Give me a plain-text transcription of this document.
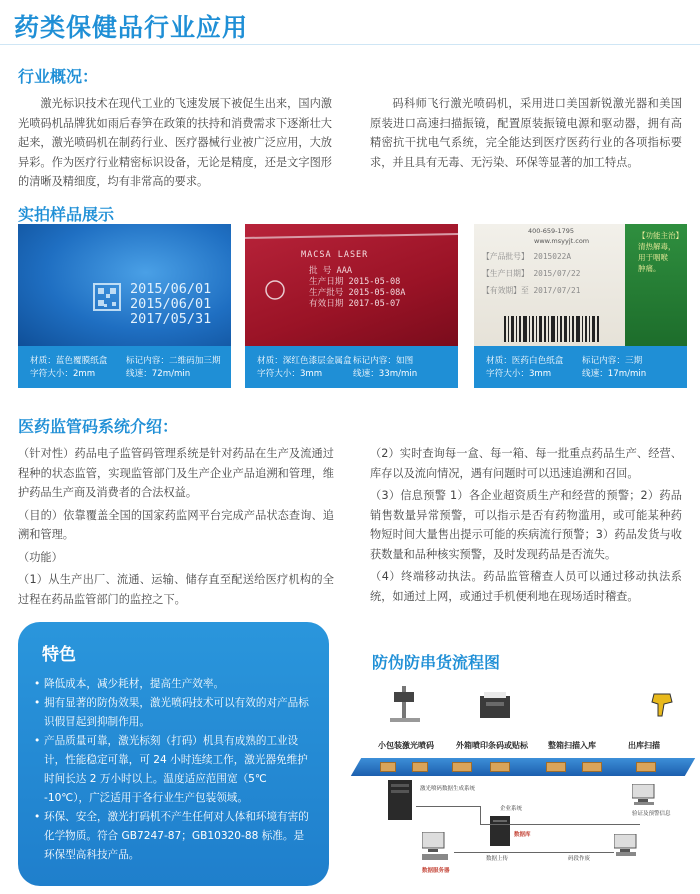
药类保健品行业应用
行业概况：
激光标识技术在现代工业的飞速发展下被促生出来，国内激光喷码机品牌犹如雨后春笋在政策的扶持和消费需求下逐渐壮大起来，激光喷码机在制药行业、医疗器械行业被广泛应用，大放异彩。作为医疗行业精密标识设备，无论是精度，还是文字图形的清晰及精细度，均有非常高的要求。
码科师飞行激光喷码机，采用进口美国新锐激光器和美国原装进口高速扫描振镜，配置原装振镜电源和驱动器，拥有高精密抗干扰电气系统，完全能达到医疗医药行业的各项指标要求，并且具有无毒、无污染、环保等显著的加工特点。
实拍样品展示
2015/06/01
2015/06/01
2017/05/31
材质：蓝色覆膜纸盒	标记内容：二维码加三期
字符大小：2mm	线速：72m/min
MACSA LASER
批 号 AAA
生产日期 2015-05-08
生产批号 2015-05-08A
有效日期 2017-05-07
材质：深红色漆层金属盒 标记内容：如图
字符大小：3mm	线速：33m/min
【功能主治】
清热解毒，
用于咽喉
肿痛。
400-659-1795
www.msyyjt.com
【产品批号】 2015022A
【生产日期】 2015/07/22
【有效期】至 2017/07/21
材质：医药白色纸盒	标记内容：三期
字符大小：3mm	线速：17m/min
医药监管码系统介绍：

（针对性）药品电子监管码管理系统是针对药品在生产及流通过程种的状态监管，实现监管部门及生产企业产品追溯和管理，维护药品生产商及消费者的合法权益。

（目的）依靠覆盖全国的国家药监网平台完成产品状态查询、追溯和管理。

（功能）

（1）从生产出厂、流通、运输、储存直至配送给医疗机构的全过程在药品监管部门的监控之下。

（2）实时查询每一盒、每一箱、每一批重点药品生产、经营、库存以及流向情况，遇有问题时可以迅速追溯和召回。

（3）信息预警 1）各企业超资质生产和经营的预警；2）药品销售数量异常预警，可以指示是否有药物滥用，或可能某种药物短时间大量售出提示可能的疾病流行预警；3）药品发货与收获数量和品种核实预警，及时发现药品是否流失。

（4）终端移动执法。药品监管稽查人员可以通过移动执法系统，如通过上网，或通过手机便利地在现场适时稽查。

特色
• 降低成本，减少耗材，提高生产效率。
• 拥有显著的防伪效果，激光喷码技术可以有效的对产品标识假冒起到抑制作用。
• 产品质量可靠，激光标刻（打码）机具有成熟的工业设计，性能稳定可靠，可 24 小时连续工作，激光器免维护时间长达 2 万小时以上。温度适应范围宽（5℃ -10℃），广泛适用于各行业生产包装领域。
• 环保、安全，激光打码机不产生任何对人体和环境有害的化学物质。符合 GB7247-87；GB10320-88 标准。是环保型高科技产品。
防伪防串货流程图
小包装激光喷码	外箱喷印条码或贴标	整箱扫描入库	出库扫描
激光喷码数据生成系统
企业系统
数据库
验证及预警信息
数据服务器
数据上传	码段作废
